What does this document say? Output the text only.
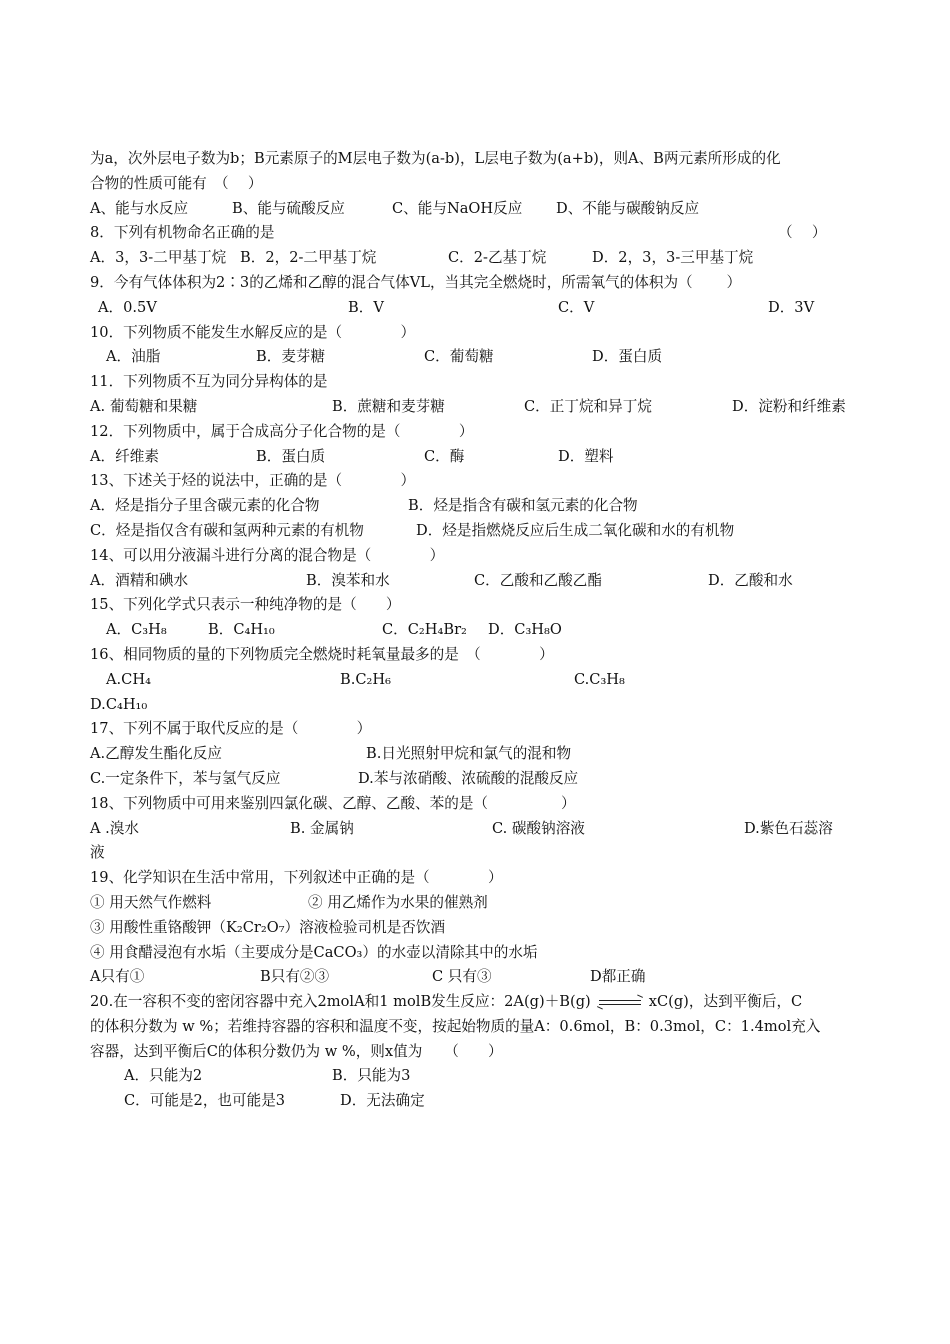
为a，次外层电子数为b；B元素原子的M层电子数为(a-b)，L层电子数为(a+b)，则A、B两元素所形成的化
合物的性质可能有　（　 ）
A、能与水反应	B、能与硫酸反应	C、能与NaOH反应 D、不能与碳酸钠反应
8．下列有机物命名正确的是	（　 ）
A．3，3-二甲基丁烷 B．2，2-二甲基丁烷	C．2-乙基丁烷	D．2，3，3-三甲基丁烷
9．今有气体体积为2∶3的乙烯和乙醇的混合气体VL，当其完全燃烧时，所需氧气的体积为（　　 ）
A．0.5V	B．V	C．V	D．3V
10．下列物质不能发生水解反应的是（　　　　）
A．油脂	B．麦芽糖	C．葡萄糖	D．蛋白质
11．下列物质不互为同分异构体的是
A. 葡萄糖和果糖	B．蔗糖和麦芽糖	C．正丁烷和异丁烷	D．淀粉和纤维素
12．下列物质中，属于合成高分子化合物的是（　　　　）
A．纤维素	B．蛋白质	C．酶	D．塑料
13、下述关于烃的说法中，正确的是（　　　　）
A．烃是指分子里含碳元素的化合物	B．烃是指含有碳和氢元素的化合物
C．烃是指仅含有碳和氢两种元素的有机物	D．烃是指燃烧反应后生成二氧化碳和水的有机物
14、可以用分液漏斗进行分离的混合物是（　　　　）
A．酒精和碘水	B．溴苯和水	C．乙酸和乙酸乙酯	D．乙酸和水
15、下列化学式只表示一种纯净物的是（　　）
A．C₃H₈	B．C₄H₁₀	C．C₂H₄Br₂ D．C₃H₈O
16、相同物质的量的下列物质完全燃烧时耗氧量最多的是　（　　　　）
A.CH₄	B.C₂H₆	C.C₃H₈
D.C₄H₁₀
17、下列不属于取代反应的是（　　　　）
A.乙醇发生酯化反应	B.日光照射甲烷和氯气的混和物
C.一定条件下，苯与氢气反应	D.苯与浓硝酸、浓硫酸的混酸反应
18、下列物质中可用来鉴别四氯化碳、乙醇、乙酸、苯的是（　　　　　）
A .溴水	B. 金属钠	C. 碳酸钠溶液	D.紫色石蕊溶
液
19、化学知识在生活中常用，下列叙述中正确的是（　　　　）
① 用天然气作燃料	② 用乙烯作为水果的催熟剂
③ 用酸性重铬酸钾（K₂Cr₂O₇）溶液检验司机是否饮酒
④ 用食醋浸泡有水垢（主要成分是CaCO₃）的水壶以清除其中的水垢
A只有①	B只有②③	C 只有③	D都正确
20.在一容积不变的密闭容器中充入2molA和1 molB发生反应：2A(g)＋B(g) → xC(g)，达到平衡后，C
的体积分数为 w %；若维持容器的容积和温度不变，按起始物质的量A：0.6mol，B：0.3mol，C：1.4mol充入
容器，达到平衡后C的体积分数仍为 w %，则x值为　　（　　）
A．只能为2	B．只能为3
C．可能是2，也可能是3	D．无法确定
